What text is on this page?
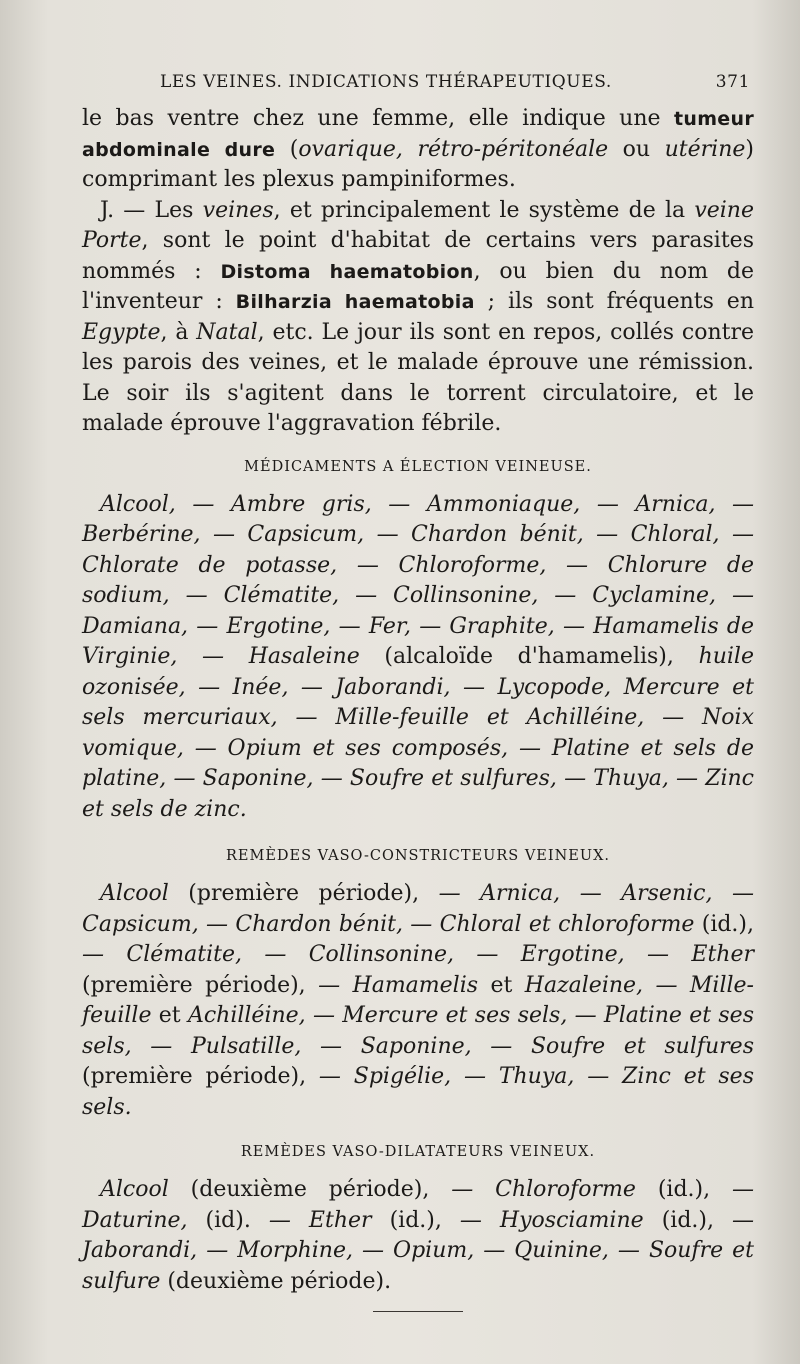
LES VEINES. INDICATIONS THÉRAPEUTIQUES.	371

le bas ventre chez une femme, elle indique une tumeur abdominale dure (ovarique, rétro-péritonéale ou utérine) comprimant les plexus pampiniformes.

J. — Les veines, et principalement le système de la veine Porte, sont le point d'habitat de certains vers parasites nommés : Distoma haematobion, ou bien du nom de l'inventeur : Bilharzia haematobia ; ils sont fréquents en Egypte, à Natal, etc. Le jour ils sont en repos, collés contre les parois des veines, et le malade éprouve une rémission. Le soir ils s'agitent dans le torrent circulatoire, et le malade éprouve l'aggravation fébrile.

MÉDICAMENTS A ÉLECTION VEINEUSE.

Alcool, — Ambre gris, — Ammoniaque, — Arnica, — Berbérine, — Capsicum, — Chardon bénit, — Chloral, — Chlorate de potasse, — Chloroforme, — Chlorure de sodium, — Clématite, — Collinsonine, — Cyclamine, — Damiana, — Ergotine, — Fer, — Graphite, — Hamamelis de Virginie, — Hasaleine (alcaloïde d'hamamelis), huile ozonisée, — Inée, — Jaborandi, — Lycopode, Mercure et sels mercuriaux, — Mille-feuille et Achilléine, — Noix vomique, — Opium et ses composés, — Platine et sels de platine, — Saponine, — Soufre et sulfures, — Thuya, — Zinc et sels de zinc.

REMÈDES VASO-CONSTRICTEURS VEINEUX.

Alcool (première période), — Arnica, — Arsenic, — Capsicum, — Chardon bénit, — Chloral et chloroforme (id.), — Clématite, — Collinsonine, — Ergotine, — Ether (première période), — Hamamelis et Hazaleine, — Mille-feuille et Achilléine, — Mercure et ses sels, — Platine et ses sels, — Pulsatille, — Saponine, — Soufre et sulfures (première période), — Spigélie, — Thuya, — Zinc et ses sels.

REMÈDES VASO-DILATATEURS VEINEUX.

Alcool (deuxième période), — Chloroforme (id.), — Daturine, (id). — Ether (id.), — Hyosciamine (id.), — Jaborandi, — Morphine, — Opium, — Quinine, — Soufre et sulfure (deuxième période).
